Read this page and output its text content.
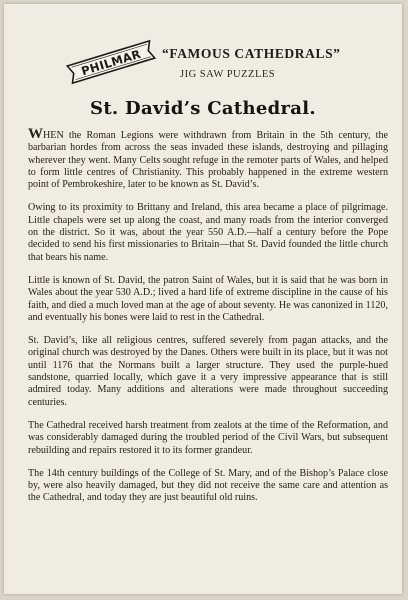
PHILMAR “FAMOUS CATHEDRALS”
JIG SAW PUZZLES
St. David’s Cathedral.

WHEN the Roman Legions were withdrawn from Britain in the 5th century, the barbarian hordes from across the seas invaded these islands, destroying and pillaging wherever they went. Many Celts sought refuge in the remoter parts of Wales, and helped to form little centres of Christianity. This probably happened in the extreme western point of Pembrokeshire, later to be known as St. David’s.

Owing to its proximity to Brittany and Ireland, this area became a place of pilgrimage. Little chapels were set up along the coast, and many roads from the interior converged on the district. So it was, about the year 550 A.D.—half a century before the Pope decided to send his first missionaries to Britain—that St. David founded the little church that bears his name.

Little is known of St. David, the patron Saint of Wales, but it is said that he was born in Wales about the year 530 A.D.; lived a hard life of extreme discipline in the cause of his faith, and died a much loved man at the age of about seventy. He was canonized in 1120, and eventually his bones were laid to rest in the Cathedral.

St. David’s, like all religious centres, suffered severely from pagan attacks, and the original church was destroyed by the Danes. Others were built in its place, but it was not until 1176 that the Normans built a larger structure. They used the purple-hued sandstone, quarried locally, which gave it a very impressive appearance that is still admired today. Many additions and alterations were made throughout succeeding centuries.

The Cathedral received harsh treatment from zealots at the time of the Reformation, and was considerably damaged during the troubled period of the Civil Wars, but subsequent rebuilding and repairs restored it to its former grandeur.

The 14th century buildings of the College of St. Mary, and of the Bishop’s Palace close by, were also heavily damaged, but they did not receive the same care and attention as the Cathedral, and today they are just beautiful old ruins.
